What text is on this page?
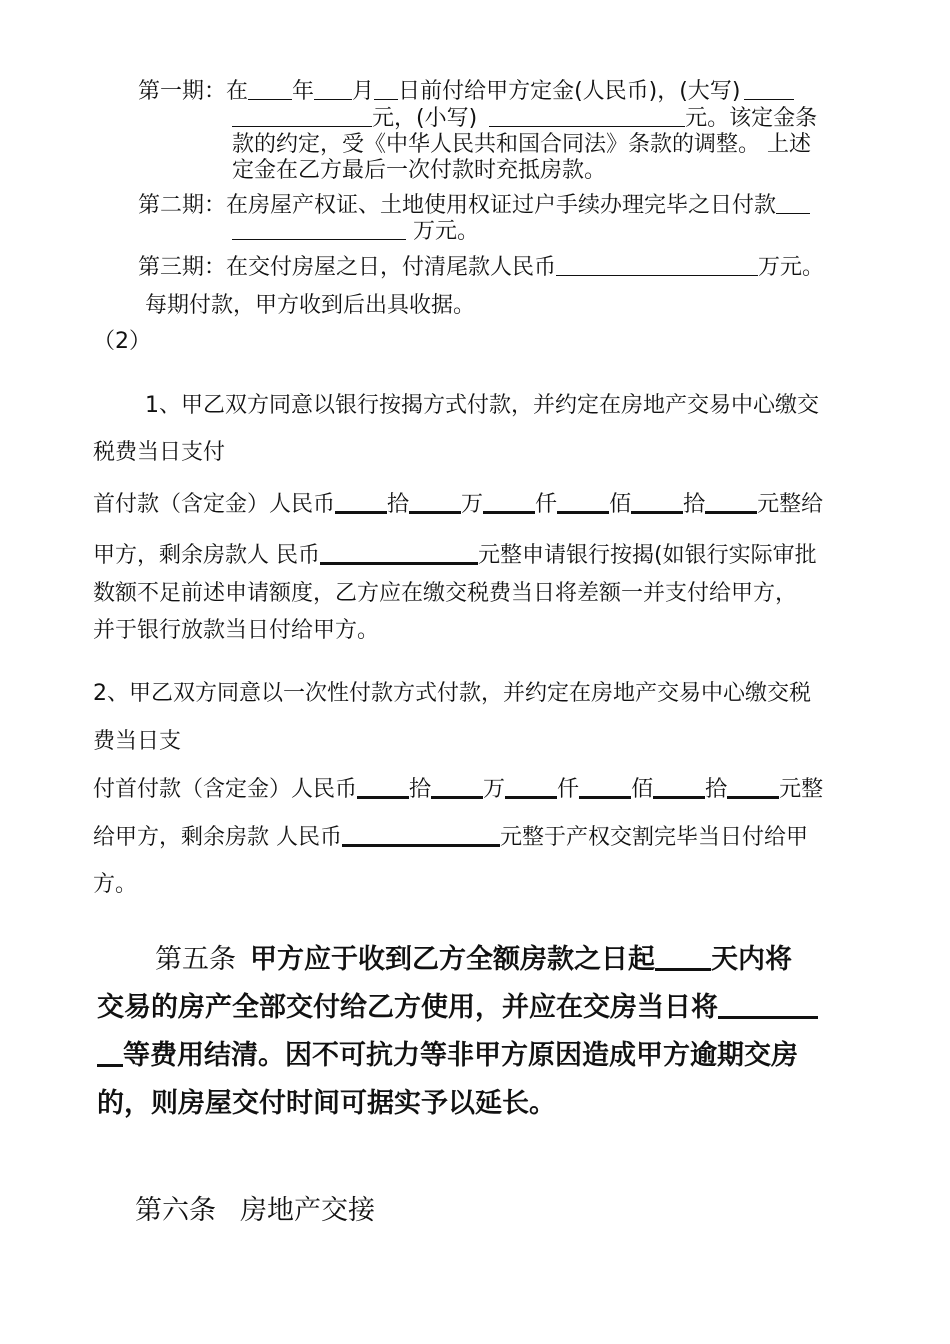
第一期：在 年 月 日前付给甲方定金(人民币)，(大写)
元，(小写)	元。该定金条
款的约定，受《中华人民共和国合同法》条款的调整。 上述
定金在乙方最后一次付款时充抵房款。
第二期：在房屋产权证、土地使用权证过户手续办理完毕之日付款
万元。
第三期：在交付房屋之日，付清尾款人民币	万元。
每期付款，甲方收到后出具收据。
（2）
1、甲乙双方同意以银行按揭方式付款，并约定在房地产交易中心缴交
税费当日支付
首付款（含定金）人民币 拾 万 仟 佰 拾 元整给
甲方，剩余房款人 民币	元整申请银行按揭(如银行实际审批
数额不足前述申请额度，乙方应在缴交税费当日将差额一并支付给甲方，
并于银行放款当日付给甲方。
2、甲乙双方同意以一次性付款方式付款，并约定在房地产交易中心缴交税
费当日支
付首付款（含定金）人民币 拾 万 仟 佰 拾 元整
给甲方，剩余房款 人民币	元整于产权交割完毕当日付给甲
方。
第五条 甲方应于收到乙方全额房款之日起 天内将
交易的房产全部交付给乙方使用，并应在交房当日将
等费用结清。因不可抗力等非甲方原因造成甲方逾期交房
的，则房屋交付时间可据实予以延长。
第六条 房地产交接
